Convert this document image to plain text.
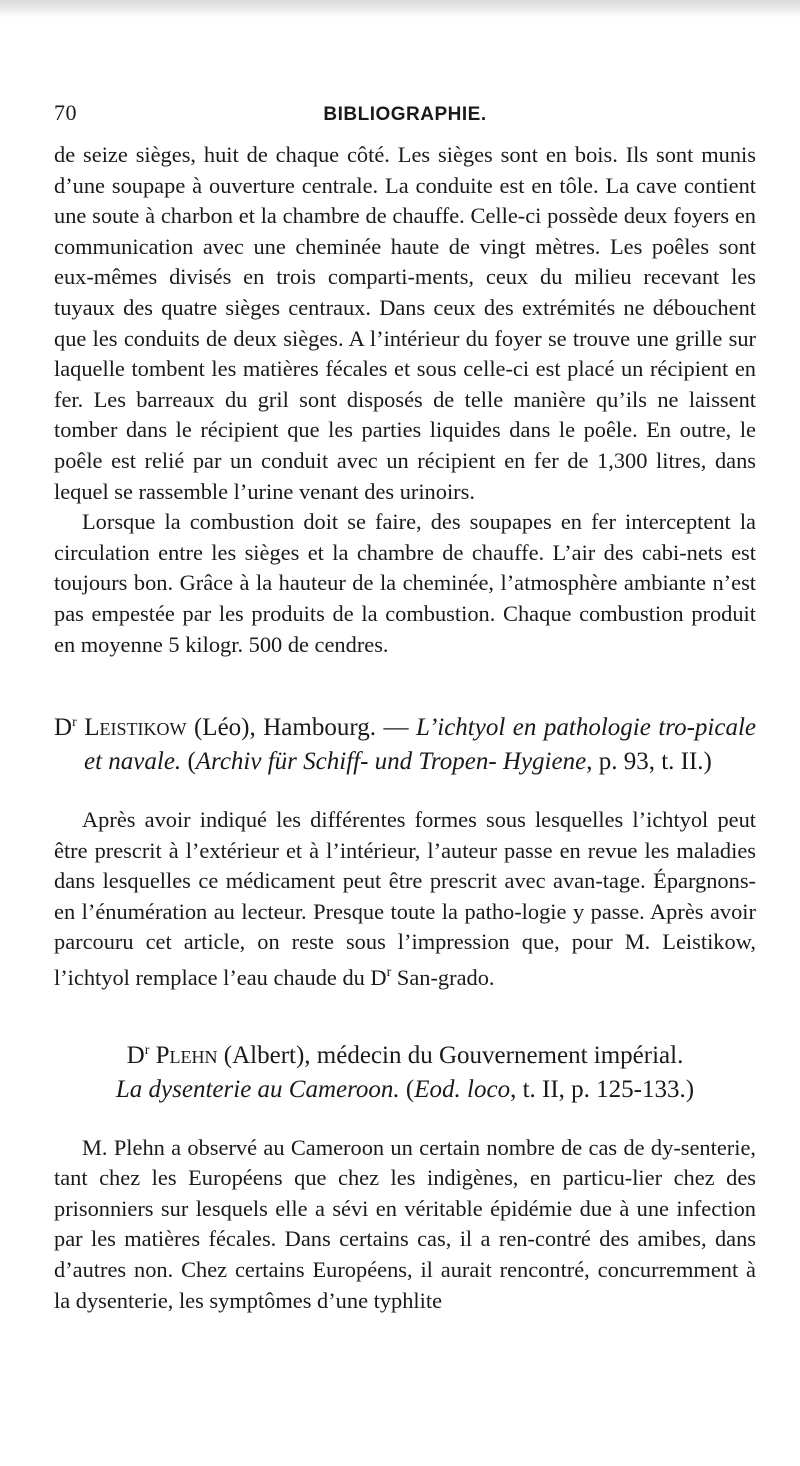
70	BIBLIOGRAPHIE.

de seize sièges, huit de chaque côté. Les sièges sont en bois. Ils sont munis d’une soupape à ouverture centrale. La conduite est en tôle. La cave contient une soute à charbon et la chambre de chauffe. Celle-ci possède deux foyers en communication avec une cheminée haute de vingt mètres. Les poêles sont eux-mêmes divisés en trois comparti-ments, ceux du milieu recevant les tuyaux des quatre sièges centraux. Dans ceux des extrémités ne débouchent que les conduits de deux sièges. A l’intérieur du foyer se trouve une grille sur laquelle tombent les matières fécales et sous celle-ci est placé un récipient en fer. Les barreaux du gril sont disposés de telle manière qu’ils ne laissent tomber dans le récipient que les parties liquides dans le poêle. En outre, le poêle est relié par un conduit avec un récipient en fer de 1,300 litres, dans lequel se rassemble l’urine venant des urinoirs.

Lorsque la combustion doit se faire, des soupapes en fer interceptent la circulation entre les sièges et la chambre de chauffe. L’air des cabi-nets est toujours bon. Grâce à la hauteur de la cheminée, l’atmosphère ambiante n’est pas empestée par les produits de la combustion. Chaque combustion produit en moyenne 5 kilogr. 500 de cendres.

$D^r$ Leistikow (Léo), Hambourg. — L’ichtyol en pathologie tro-picale et navale. (Archiv für Schiff- und Tropen- Hygiene, p. 93, t. II.)

Après avoir indiqué les différentes formes sous lesquelles l’ichtyol peut être prescrit à l’extérieur et à l’intérieur, l’auteur passe en revue les maladies dans lesquelles ce médicament peut être prescrit avec avan-tage. Épargnons-en l’énumération au lecteur. Presque toute la patho-logie y passe. Après avoir parcouru cet article, on reste sous l’impression que, pour M. Leistikow, l’ichtyol remplace l’eau chaude du $D^r$ San-grado.

$D^r$ Plehn (Albert), médecin du Gouvernement impérial.

La dysenterie au Cameroon. (Eod. loco, t. II, p. 125-133.)

M. Plehn a observé au Cameroon un certain nombre de cas de dy-senterie, tant chez les Européens que chez les indigènes, en particu-lier chez des prisonniers sur lesquels elle a sévi en véritable épidémie due à une infection par les matières fécales. Dans certains cas, il a ren-contré des amibes, dans d’autres non. Chez certains Européens, il aurait rencontré, concurremment à la dysenterie, les symptômes d’une typhlite
